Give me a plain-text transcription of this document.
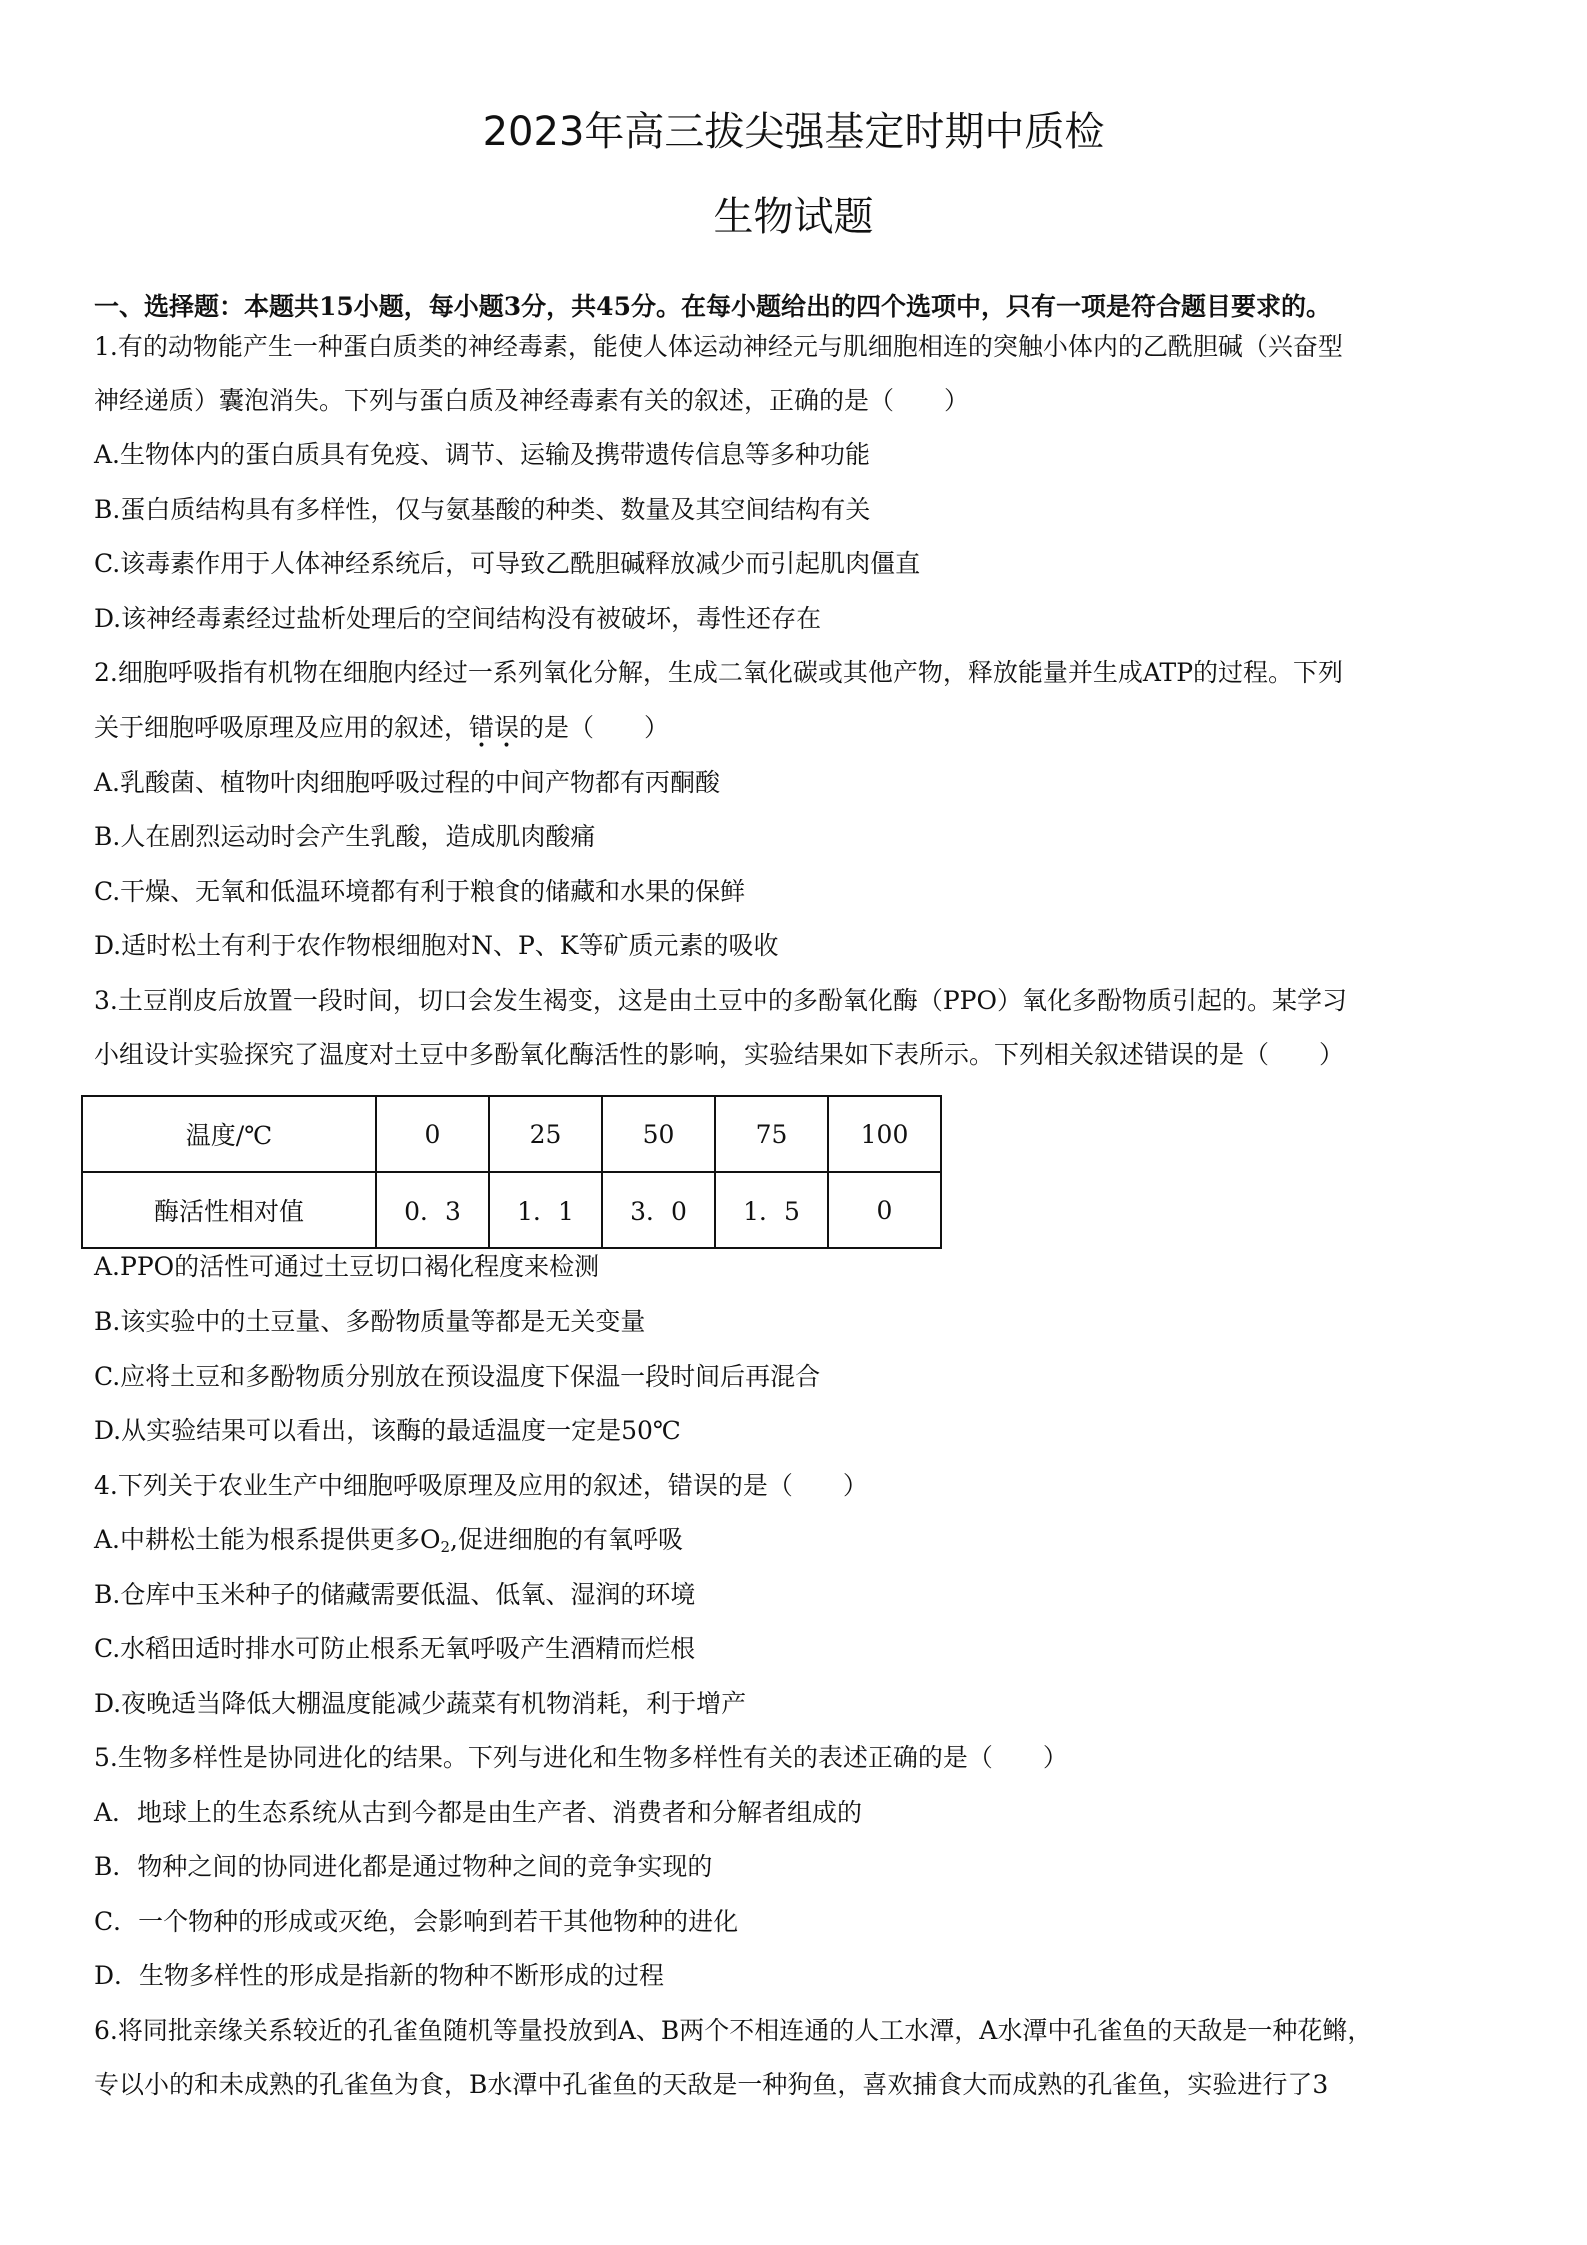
2023年高三拔尖强基定时期中质检
生物试题
一、选择题：本题共15小题，每小题3分，共45分。在每小题给出的四个选项中，只有一项是符合题目要求的。
1.有的动物能产生一种蛋白质类的神经毒素，能使人体运动神经元与肌细胞相连的突触小体内的乙酰胆碱（兴奋型
神经递质）囊泡消失。下列与蛋白质及神经毒素有关的叙述，正确的是（　　）
A.生物体内的蛋白质具有免疫、调节、运输及携带遗传信息等多种功能
B.蛋白质结构具有多样性，仅与氨基酸的种类、数量及其空间结构有关
C.该毒素作用于人体神经系统后，可导致乙酰胆碱释放减少而引起肌肉僵直
D.该神经毒素经过盐析处理后的空间结构没有被破坏，毒性还存在
2.细胞呼吸指有机物在细胞内经过一系列氧化分解，生成二氧化碳或其他产物，释放能量并生成ATP的过程。下列
关于细胞呼吸原理及应用的叙述，错
•
误
•
的是（　　）
A.乳酸菌、植物叶肉细胞呼吸过程的中间产物都有丙酮酸
B.人在剧烈运动时会产生乳酸，造成肌肉酸痛
C.干燥、无氧和低温环境都有利于粮食的储藏和水果的保鲜
D.适时松土有利于农作物根细胞对N、P、K等矿质元素的吸收
3.土豆削皮后放置一段时间，切口会发生褐变，这是由土豆中的多酚氧化酶（PPO）氧化多酚物质引起的。某学习
小组设计实验探究了温度对土豆中多酚氧化酶活性的影响，实验结果如下表所示。下列相关叙述错误的是（　　）
温度/℃	0	25	50	75	100
酶活性相对值	0．3	1．1	3．0	1．5	0
A.PPO的活性可通过土豆切口褐化程度来检测
B.该实验中的土豆量、多酚物质量等都是无关变量
C.应将土豆和多酚物质分别放在预设温度下保温一段时间后再混合
D.从实验结果可以看出，该酶的最适温度一定是50℃
4.下列关于农业生产中细胞呼吸原理及应用的叙述，错误的是（　　）
A.中耕松土能为根系提供更多$O_2$,促进细胞的有氧呼吸
B.仓库中玉米种子的储藏需要低温、低氧、湿润的环境
C.水稻田适时排水可防止根系无氧呼吸产生酒精而烂根
D.夜晚适当降低大棚温度能减少蔬菜有机物消耗，利于增产
5.生物多样性是协同进化的结果。下列与进化和生物多样性有关的表述正确的是（　　）
A．地球上的生态系统从古到今都是由生产者、消费者和分解者组成的
B．物种之间的协同进化都是通过物种之间的竞争实现的
C．一个物种的形成或灭绝，会影响到若干其他物种的进化
D．生物多样性的形成是指新的物种不断形成的过程
6.将同批亲缘关系较近的孔雀鱼随机等量投放到A、B两个不相连通的人工水潭，A水潭中孔雀鱼的天敌是一种花鳉，
专以小的和未成熟的孔雀鱼为食，B水潭中孔雀鱼的天敌是一种狗鱼，喜欢捕食大而成熟的孔雀鱼，实验进行了3
